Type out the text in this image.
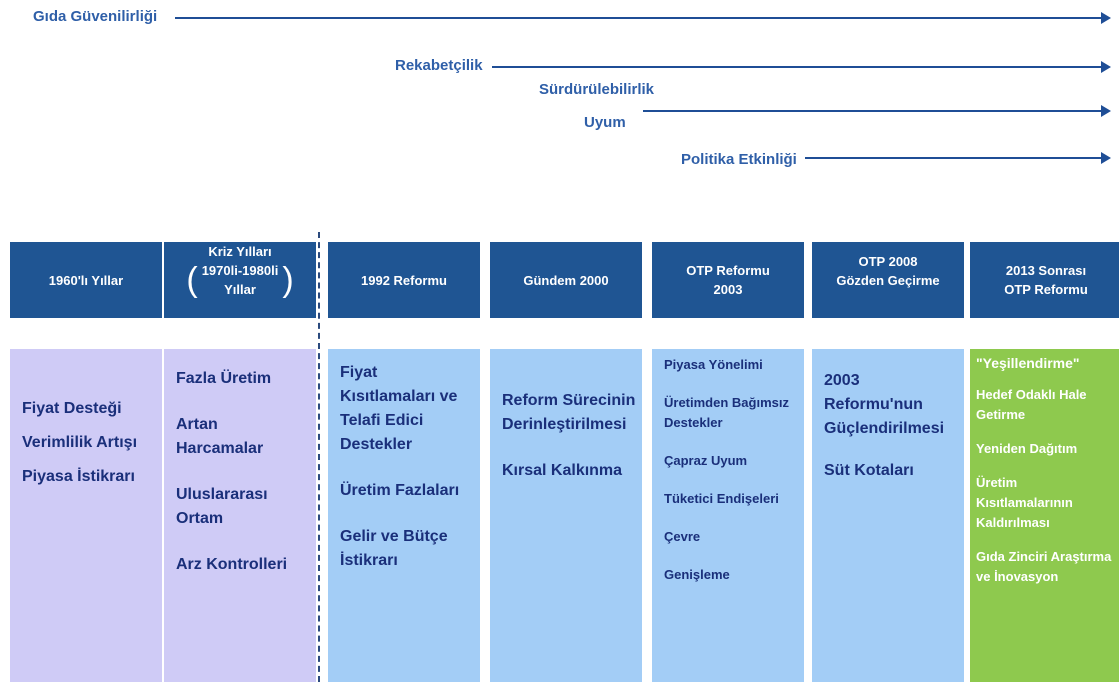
Gıda Güvenilirliği
Rekabetçilik
Sürdürülebilirlik
Uyum
Politika Etkinliği
1960'lı Yıllar
Kriz Yılları
( 1970li-1980li
Yıllar )	1992 Reformu	Gündem 2000
OTP Reformu
2003
OTP 2008
Gözden Geçirme
2013 Sonrası
OTP Reformu
Fiyat Desteği
Verimlilik Artışı
Piyasa İstikrarı
Fazla Üretim
Artan Harcamalar
Uluslararası Ortam
Arz Kontrolleri
Fiyat Kısıtlamaları ve Telafi Edici Destekler
Üretim Fazlaları
Gelir ve Bütçe İstikrarı
Reform Sürecinin Derinleştirilmesi
Kırsal Kalkınma
Piyasa Yönelimi
Üretimden Bağımsız Destekler
Çapraz Uyum
Tüketici Endişeleri
Çevre
Genişleme
2003 Reformu'nun Güçlendirilmesi
Süt Kotaları
"Yeşillendirme"
Hedef Odaklı Hale Getirme
Yeniden Dağıtım
Üretim Kısıtlamalarının Kaldırılması
Gıda Zinciri Araştırma ve İnovasyon
